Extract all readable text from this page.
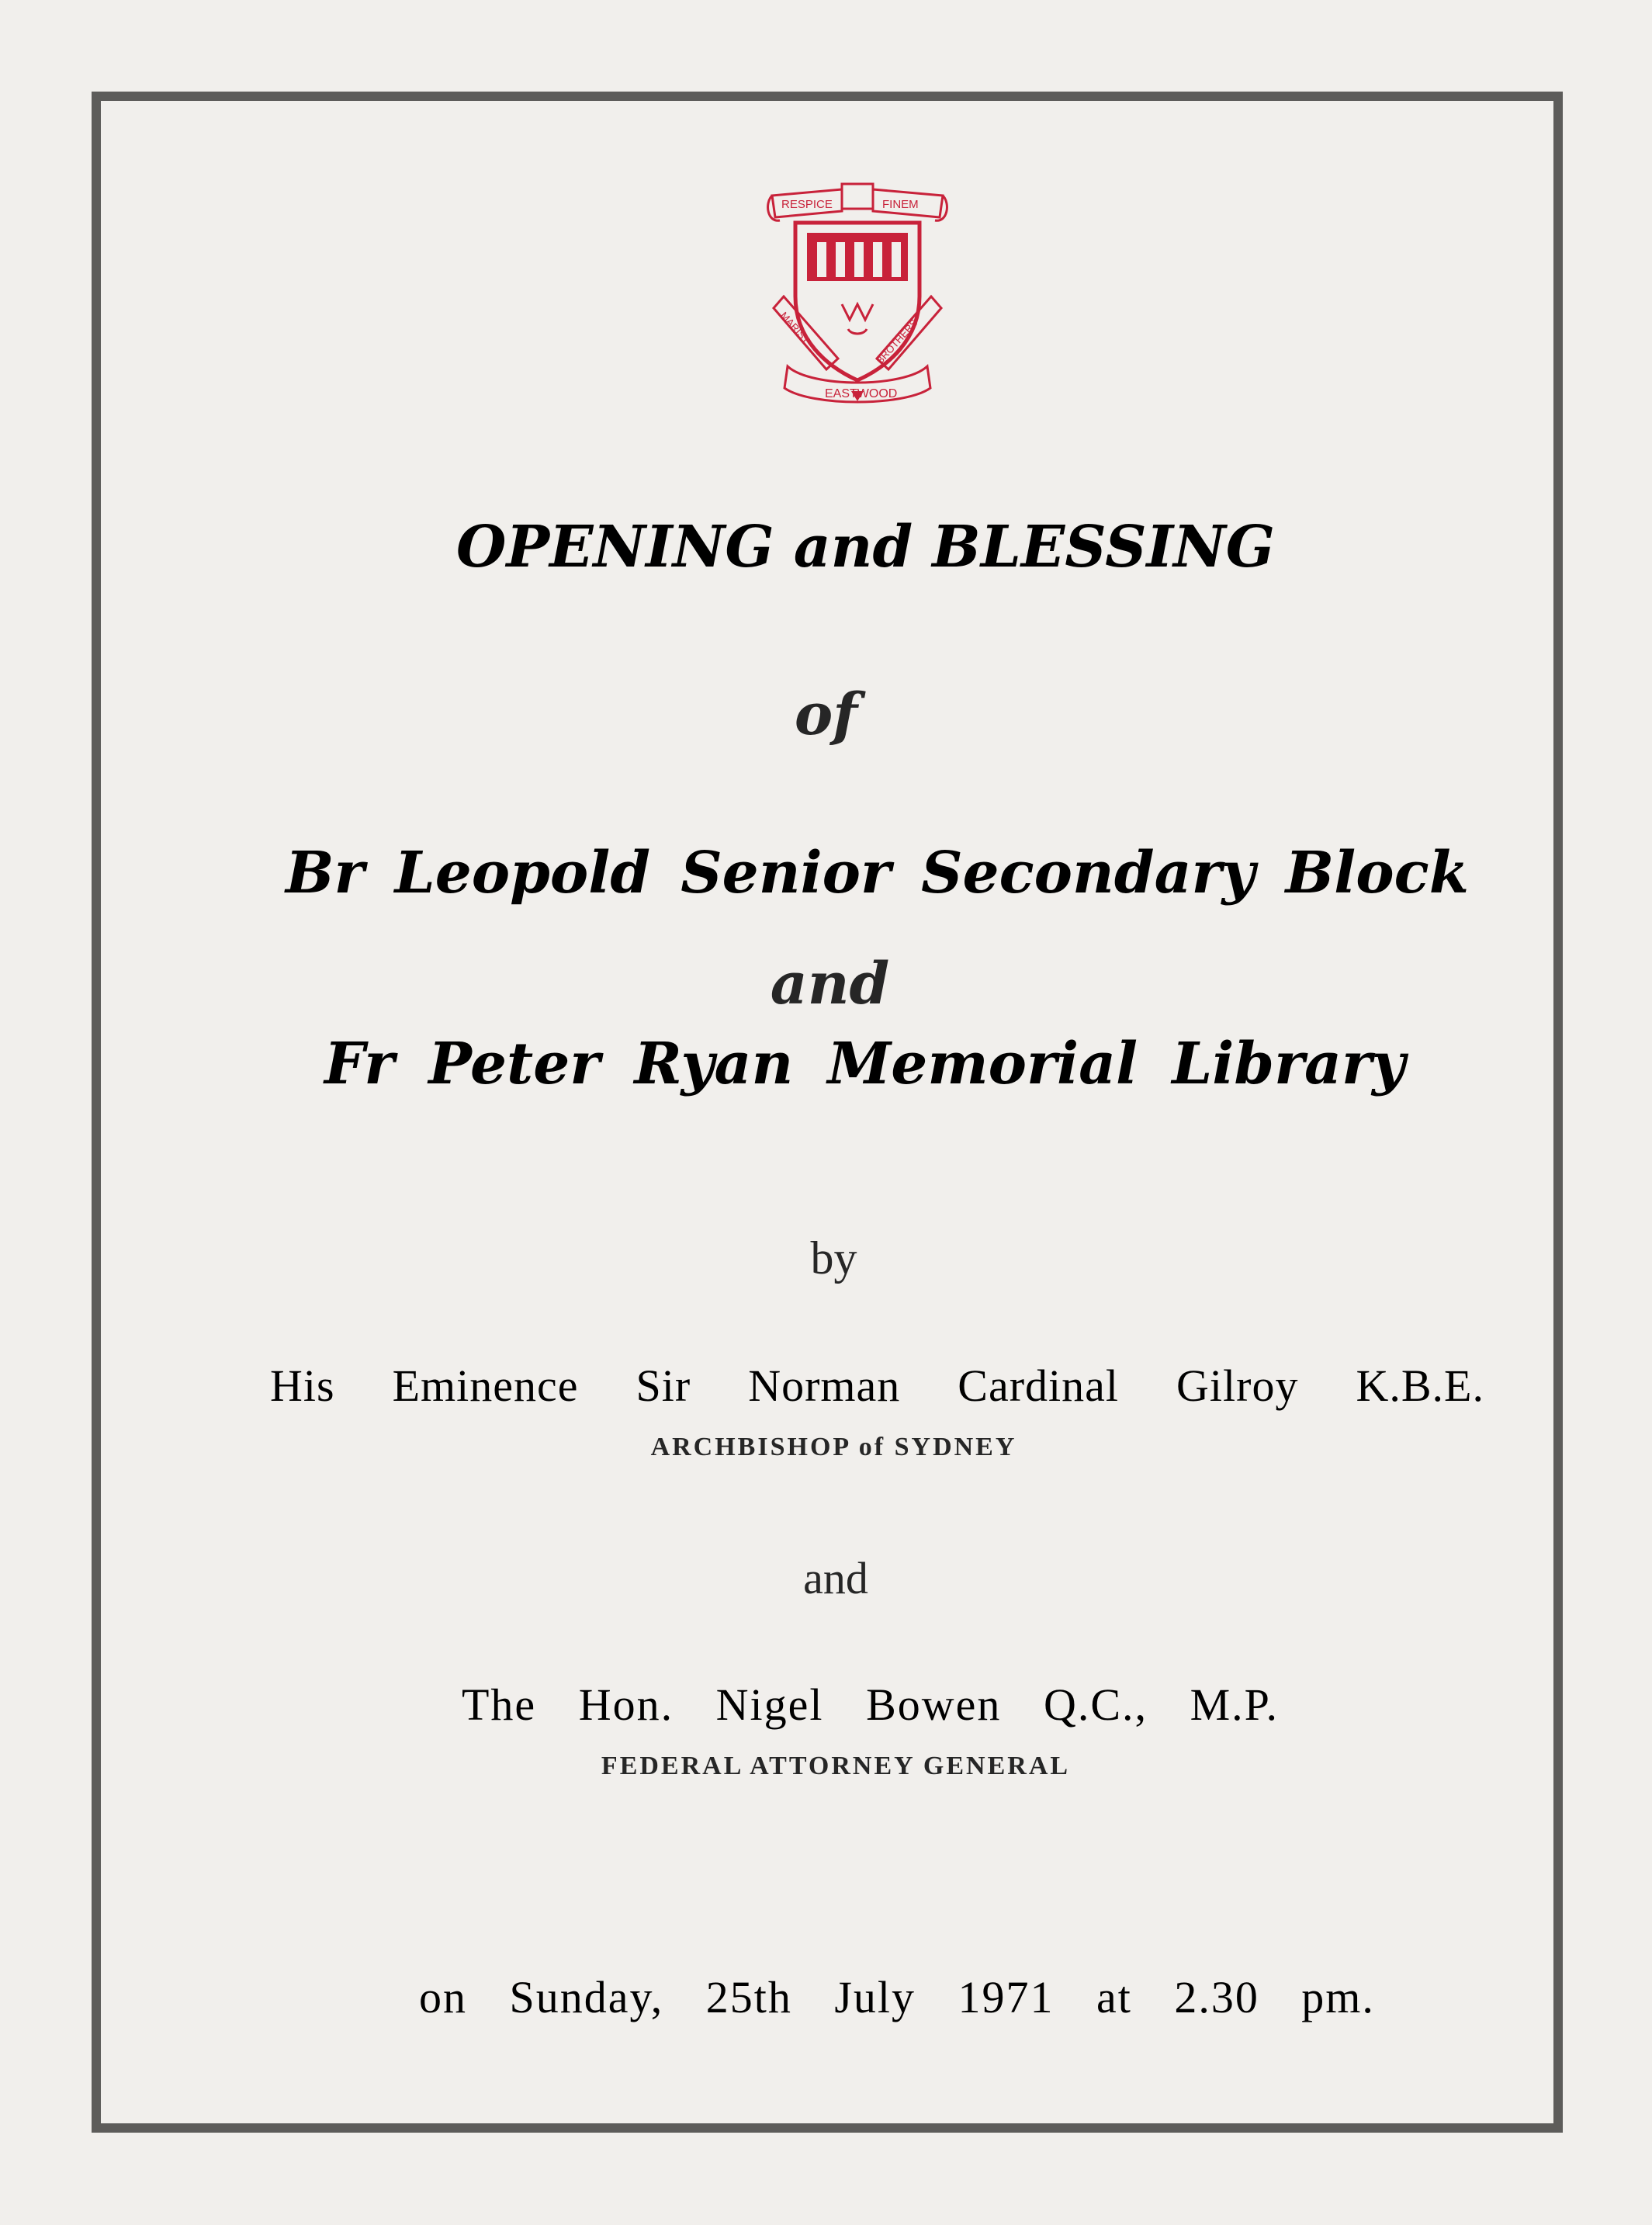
RESPICE	FINEM
EASTWOOD
MARIST	BROTHERS
OPENING and BLESSING
of
Br Leopold Senior Secondary Block
and
Fr Peter Ryan Memorial Library
by
His Eminence Sir Norman Cardinal Gilroy K.B.E.
ARCHBISHOP of SYDNEY
and
The Hon. Nigel Bowen Q.C., M.P.
FEDERAL ATTORNEY GENERAL
on Sunday, 25th July 1971 at 2.30 pm.
